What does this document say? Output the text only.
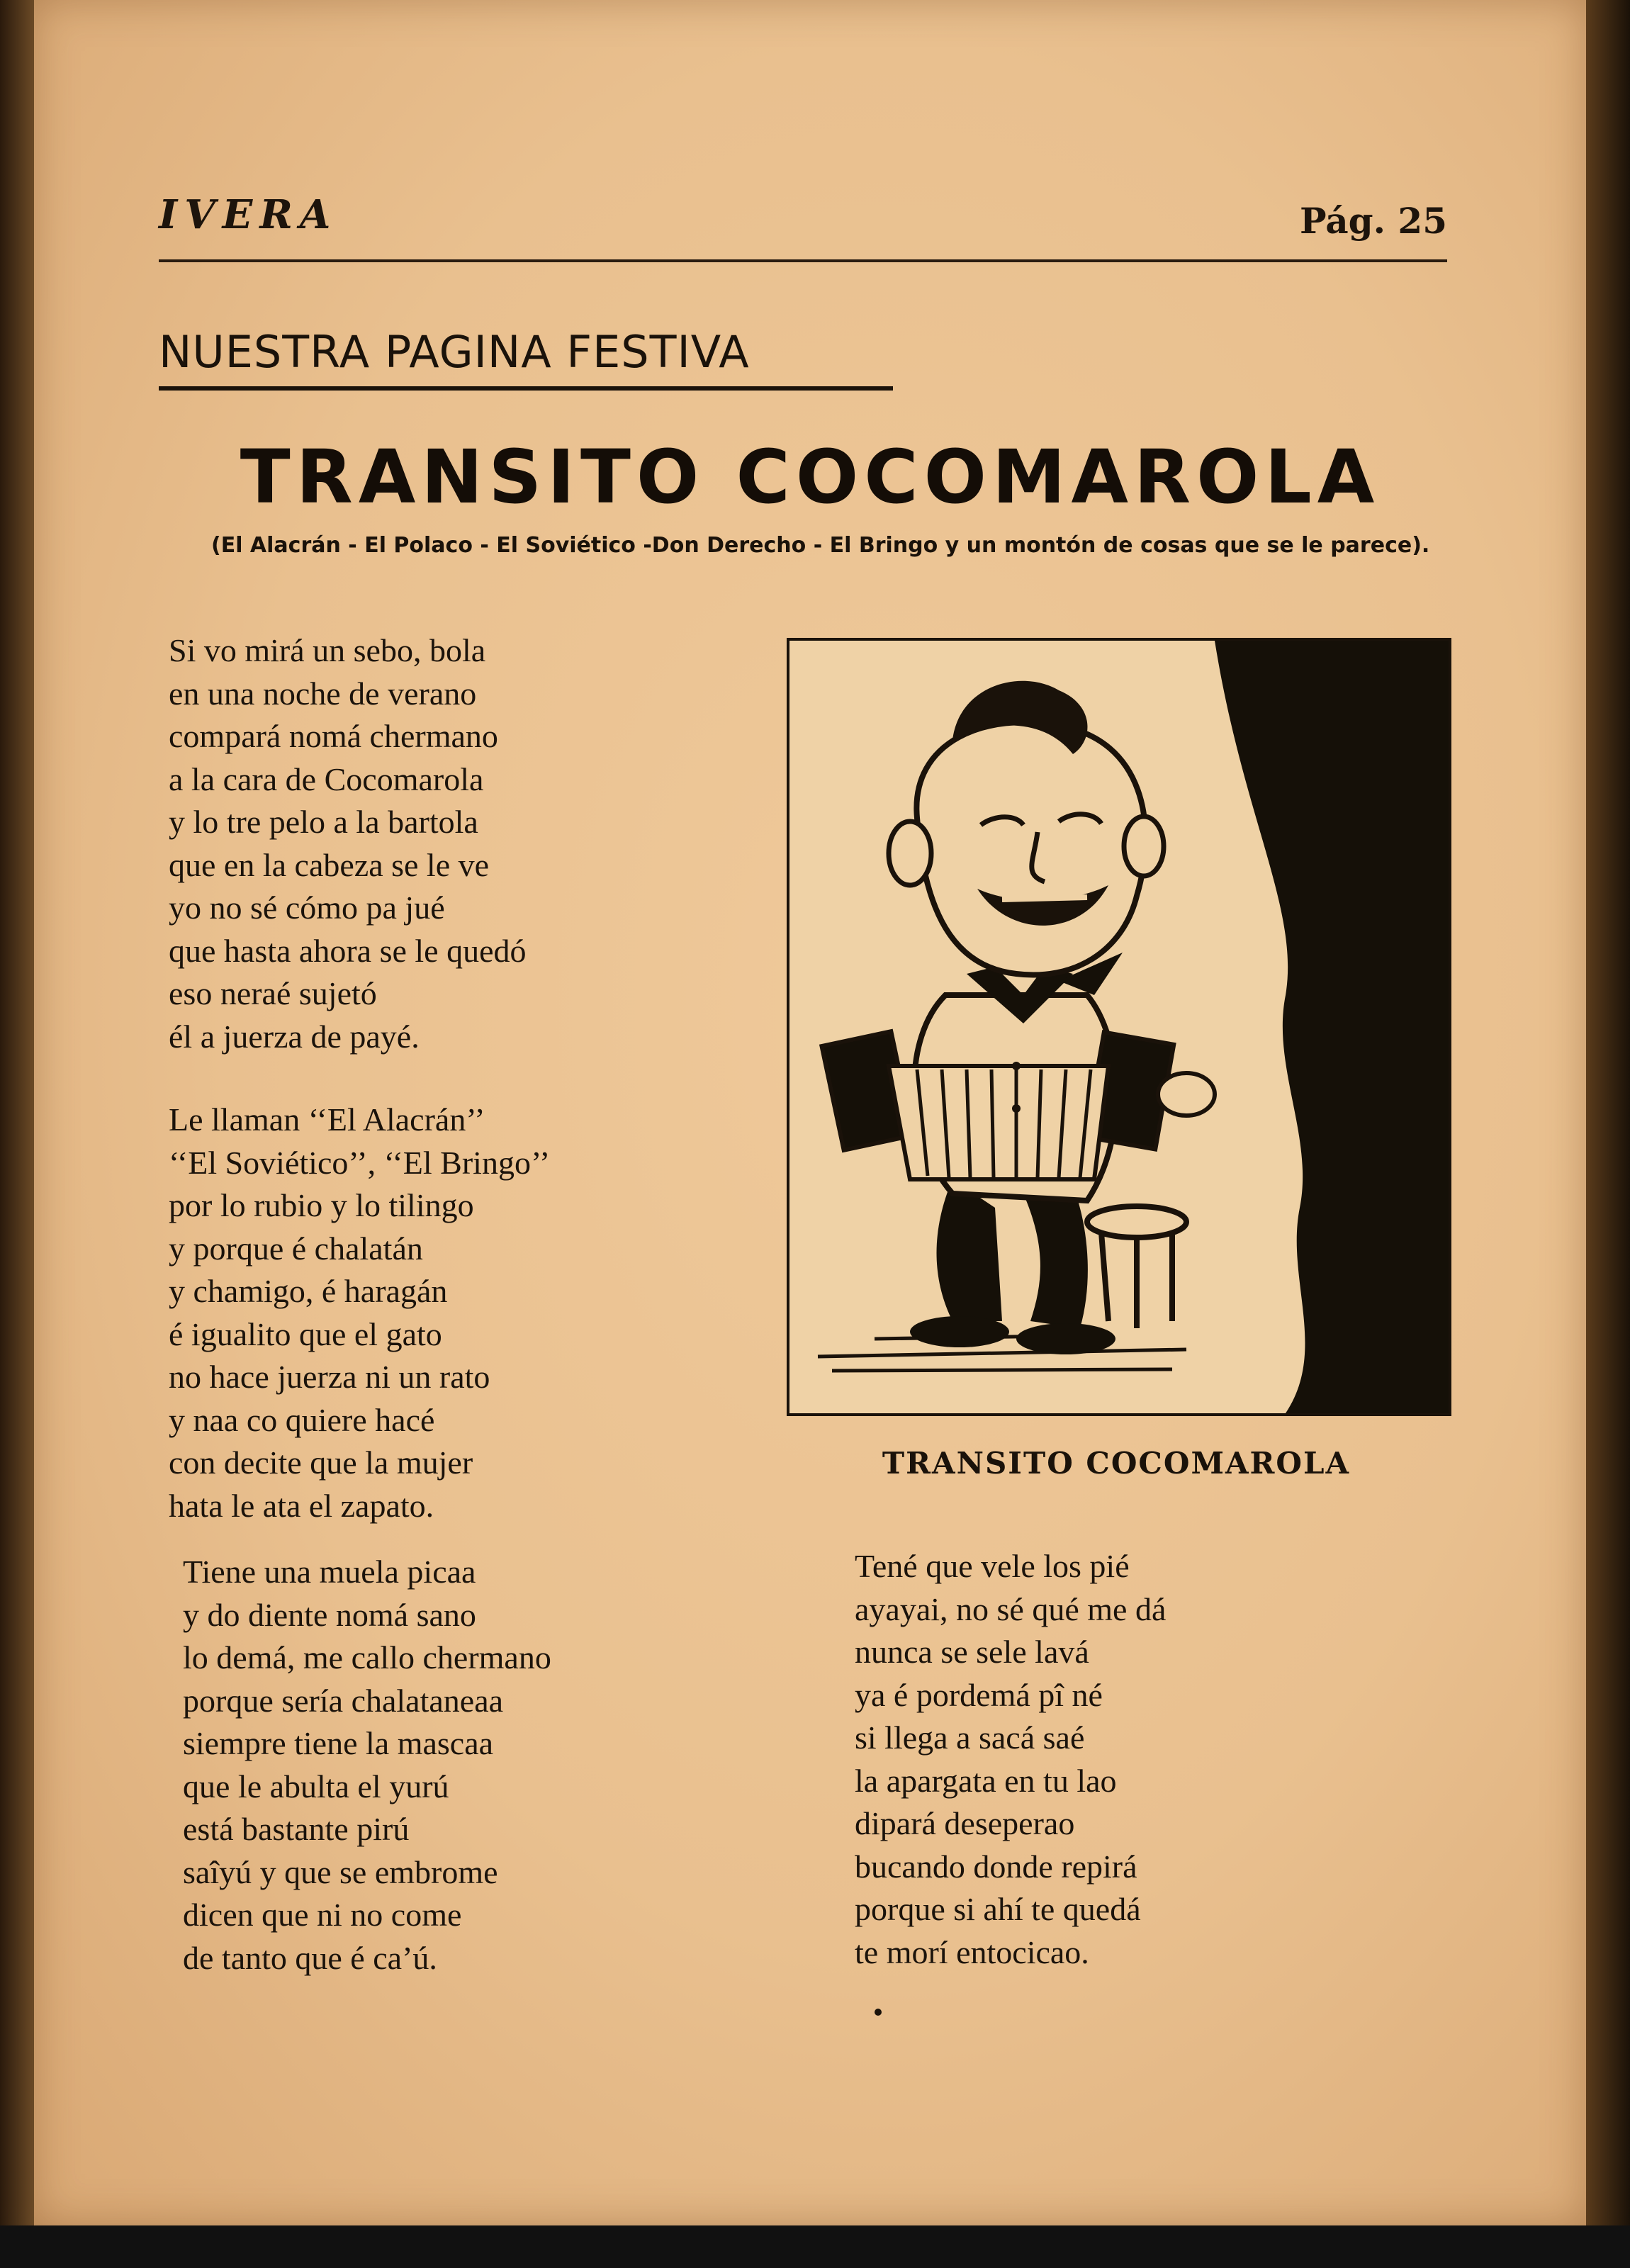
IVERA	Pág. 25
NUESTRA PAGINA FESTIVA
TRANSITO COCOMAROLA
(El Alacrán - El Polaco - El Soviético -Don Derecho - El Bringo y un montón de cosas que se le parece).
Si vo mirá un sebo, bola
en una noche de verano
compará nomá chermano
a la cara de Cocomarola
y lo tre pelo a la bartola
que en la cabeza se le ve
yo no sé cómo pa jué
que hasta ahora se le quedó
eso neraé sujetó
él a juerza de payé.
Le llaman ‘‘El Alacrán’’
‘‘El Soviético’’, ‘‘El Bringo’’
por lo rubio y lo tilingo
y porque é chalatán
y chamigo, é haragán
é igualito que el gato
no hace juerza ni un rato
y naa co quiere hacé
con decite que la mujer
hata le ata el zapato.
Tiene una muela picaa
y do diente nomá sano
lo demá, me callo chermano
porque sería chalataneaa
siempre tiene la mascaa
que le abulta el yurú
está bastante pirú
saîyú y que se embrome
dicen que ni no come
de tanto que é ca’ú.
Tené que vele los pié
ayayai, no sé qué me dá
nunca se sele lavá
ya é pordemá pî né
si llega a sacá saé
la apargata en tu lao
dipará deseperao
bucando donde repirá
porque si ahí te quedá
te morí entocicao.
TRANSITO COCOMAROLA
